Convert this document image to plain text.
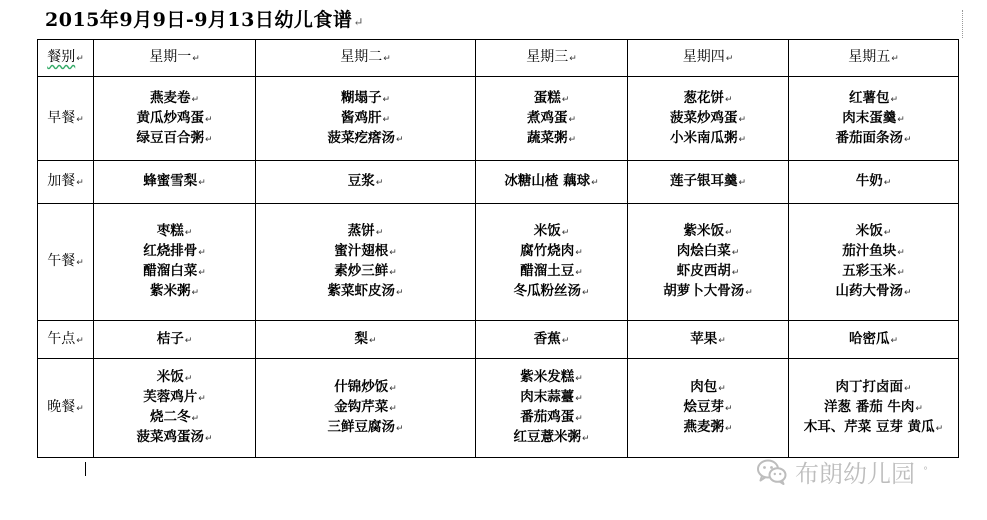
2015年9月9日-9月13日幼儿食谱↵
餐别↵	星期一↵	星期二↵	星期三↵	星期四↵	星期五↵
早餐↵	燕麦卷↵
黄瓜炒鸡蛋↵
绿豆百合粥↵	糊塌子↵
酱鸡肝↵
菠菜疙瘩汤↵	蛋糕↵
煮鸡蛋↵
蔬菜粥↵	葱花饼↵
菠菜炒鸡蛋↵
小米南瓜粥↵	红薯包↵
肉末蛋羹↵
番茄面条汤↵

加餐↵	蜂蜜雪梨↵	豆浆↵	冰糖山楂 藕球↵	莲子银耳羹↵	牛奶↵

午餐↵	枣糕↵
红烧排骨↵
醋溜白菜↵
紫米粥↵	蒸饼↵
蜜汁翅根↵
素炒三鲜↵
紫菜虾皮汤↵	米饭↵
腐竹烧肉↵
醋溜土豆↵
冬瓜粉丝汤↵	紫米饭↵
肉烩白菜↵
虾皮西胡↵
胡萝卜大骨汤↵	米饭↵
茄汁鱼块↵
五彩玉米↵
山药大骨汤↵

午点↵	桔子↵	梨↵	香蕉↵	苹果↵	哈密瓜↵

晚餐↵	米饭↵
芙蓉鸡片↵
烧二冬↵
菠菜鸡蛋汤↵	什锦炒饭↵
金钩芹菜↵
三鲜豆腐汤↵	紫米发糕↵
肉末蒜薹↵
番茄鸡蛋↵
红豆薏米粥↵	肉包↵
烩豆芽↵
燕麦粥↵	肉丁打卤面↵
洋葱 番茄 牛肉↵
木耳、芹菜 豆芽 黄瓜↵
布朗幼儿园 °
